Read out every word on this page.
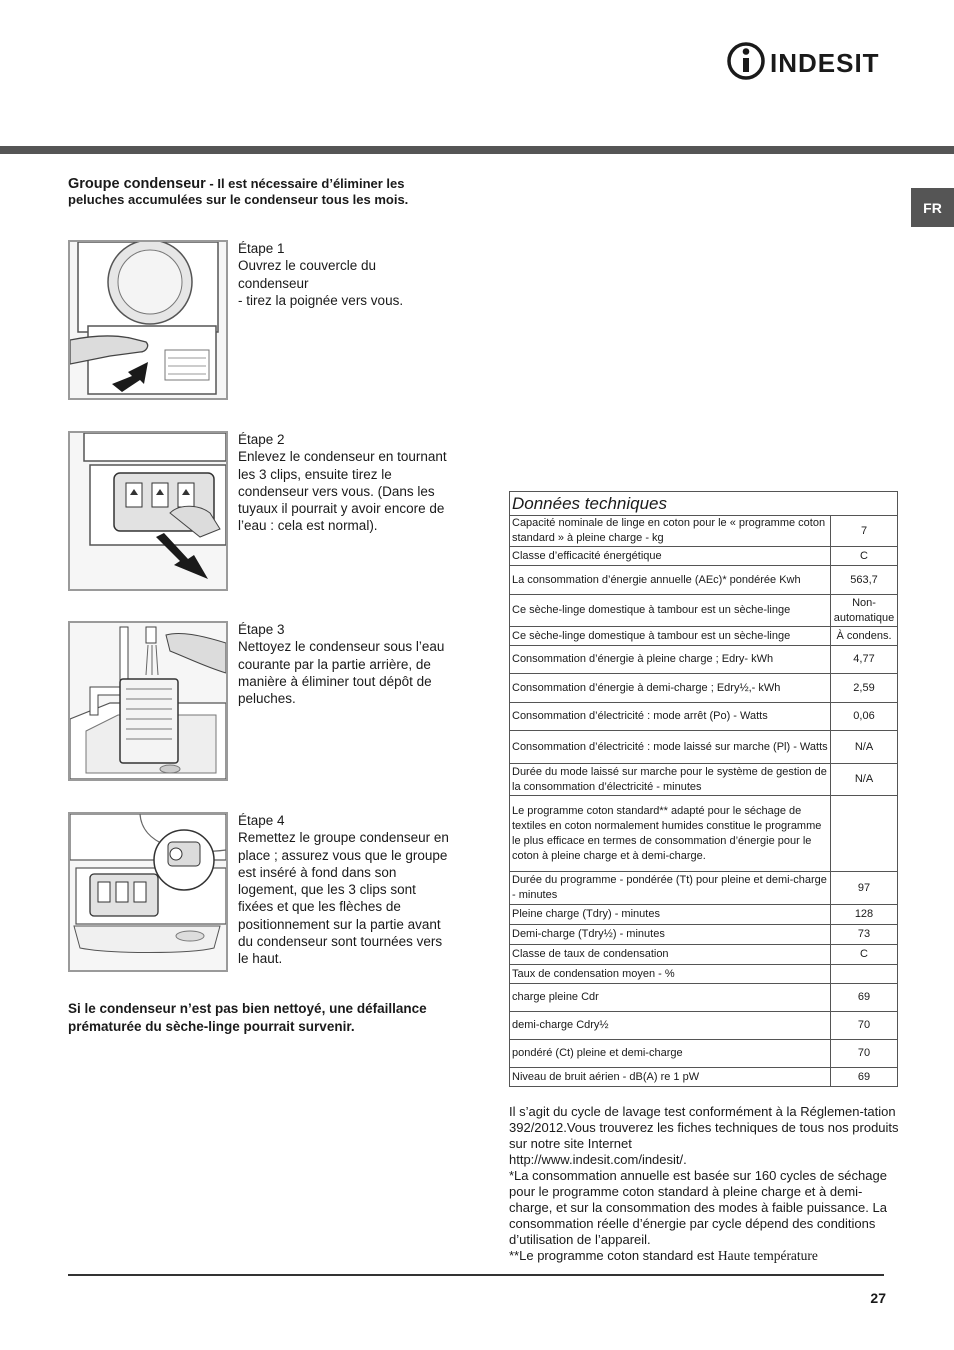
INDESIT
FR
Groupe condenseur - Il est nécessaire d’éliminer les peluches accumulées sur le condenseur tous les mois.
Étape 1
Ouvrez le couvercle du condenseur
- tirez la poignée vers vous.
Étape 2
Enlevez le condenseur en tournant les 3 clips, ensuite tirez le condenseur vers vous. (Dans les tuyaux il pourrait y avoir encore de l’eau : cela est normal).
Étape 3
Nettoyez le condenseur sous l’eau courante par la partie arrière, de manière à éliminer tout dépôt de peluches.
Étape 4
Remettez le groupe condenseur en place ; assurez vous que le groupe est inséré à fond dans son logement, que les 3 clips sont fixées et que les flèches de positionnement sur la partie avant du condenseur sont tournées vers le haut.
Si le condenseur n’est pas bien nettoyé, une défaillance prématurée du sèche-linge pourrait survenir.
Données techniques	
Capacité nominale de linge en coton pour le « programme coton standard » à pleine charge - kg	7
Classe d’efficacité énergétique	C
La consommation d’énergie annuelle (AEc)* pondérée Kwh	563,7
Ce sèche-linge domestique à tambour est un sèche-linge	Non-automatique
Ce sèche-linge domestique à tambour est un sèche-linge	À condens.
Consommation d’énergie à pleine charge ; Edry- kWh	4,77
Consommation d’énergie à demi-charge ; Edry½,- kWh	2,59
Consommation d’électricité : mode arrêt (Po) - Watts	0,06
Consommation d’électricité : mode laissé sur marche (Pl) - Watts	N/A
Durée du mode laissé sur marche pour le système de gestion de la consommation d’électricité - minutes	N/A
Le programme coton standard** adapté pour le séchage de textiles en coton normalement humides constitue le programme le plus efficace en termes de consommation d’énergie pour le coton à pleine charge et à demi-charge.	
Durée du programme - pondérée (Tt) pour pleine et demi-charge - minutes	97
Pleine charge (Tdry) - minutes	128
Demi-charge (Tdry½) - minutes	73
Classe de taux de condensation	C
Taux de condensation moyen - %	
charge pleine Cdr	69
demi-charge Cdry½	70
pondéré (Ct) pleine et demi-charge	70
Niveau de bruit aérien - dB(A) re 1 pW	69
Il s’agit du cycle de lavage test conformément à la Réglemen-tation 392/2012.Vous trouverez les fiches techniques de tous nos produits sur notre site Internet
http://www.indesit.com/indesit/.
*La consommation annuelle est basée sur 160 cycles de séchage pour le programme coton standard à pleine charge et à demi-charge, et sur la consommation des modes à faible puissance. La consommation réelle d’énergie par cycle dépend des conditions d’utilisation de l’appareil.
**Le programme coton standard est Haute température
27
